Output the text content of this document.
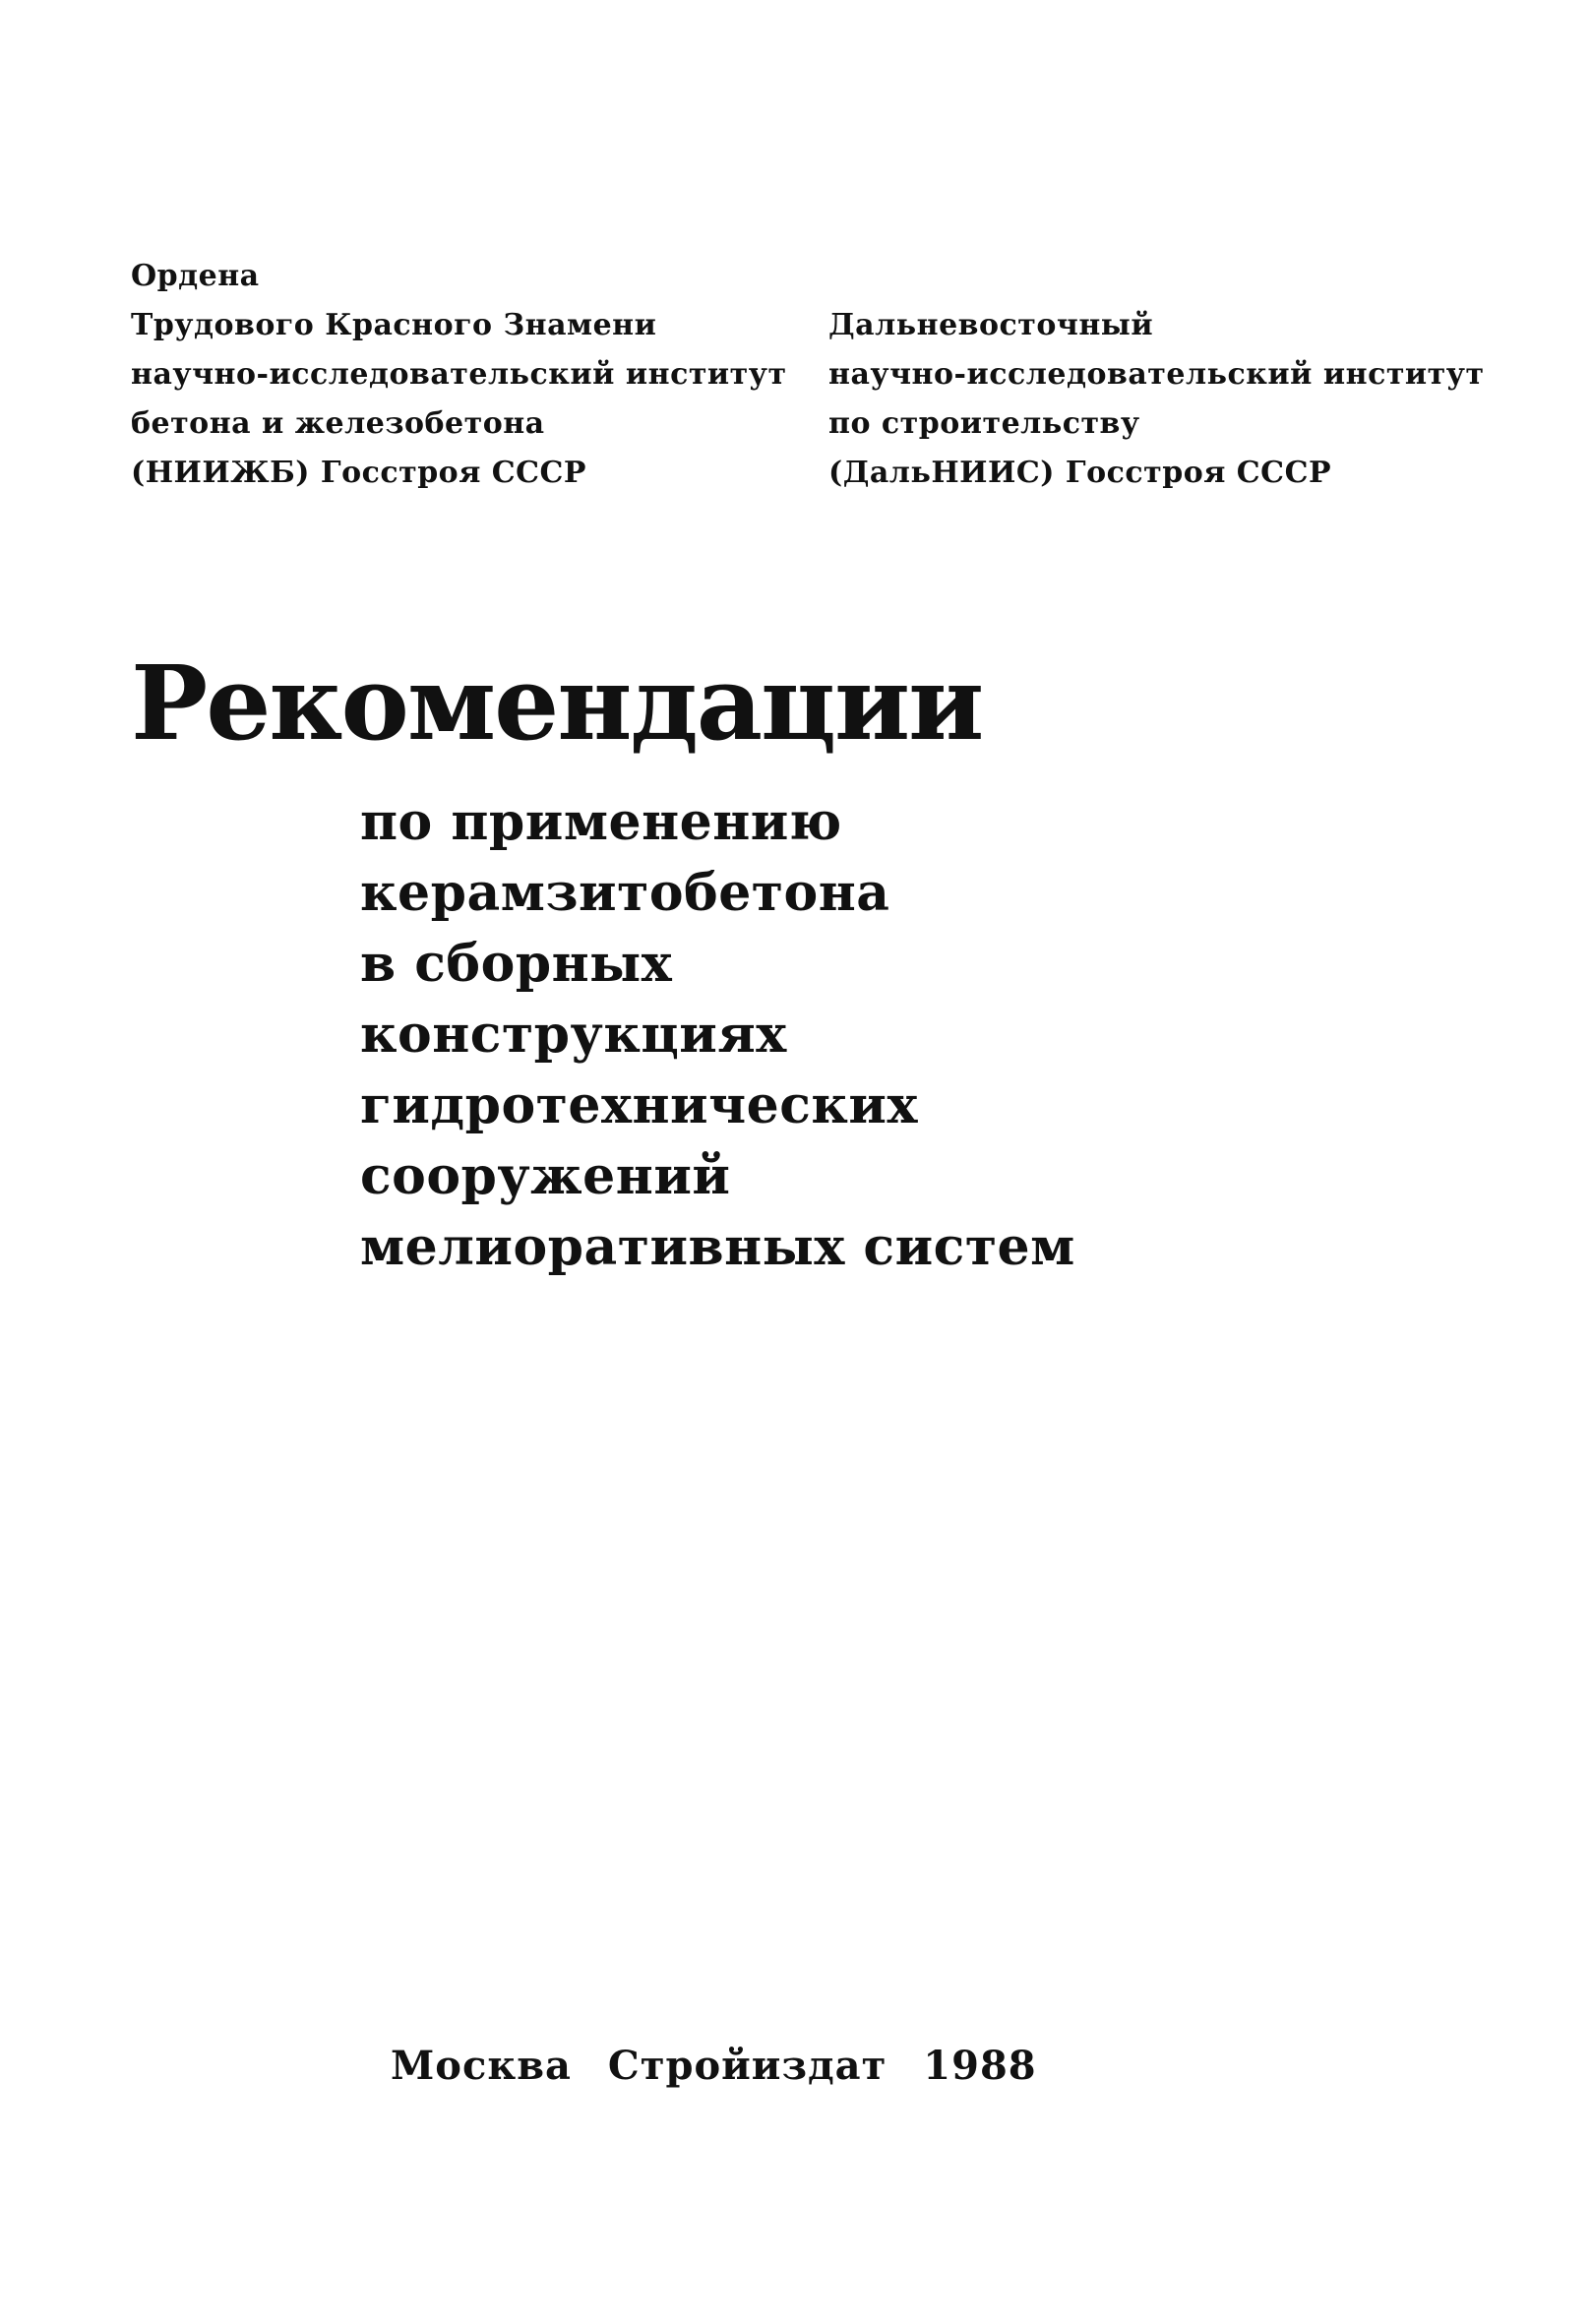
Ордена
Трудового Красного Знамени
научно-исследовательский институт
бетона и железобетона
(НИИЖБ) Госстроя СССР
Дальневосточный
научно-исследовательский институт
по строительству
(ДальНИИС) Госстроя СССР
Рекомендации
по применению
керамзитобетона
в сборных
конструкциях
гидротехнических
сооружений
мелиоративных систем
Москва Стройиздат 1988
